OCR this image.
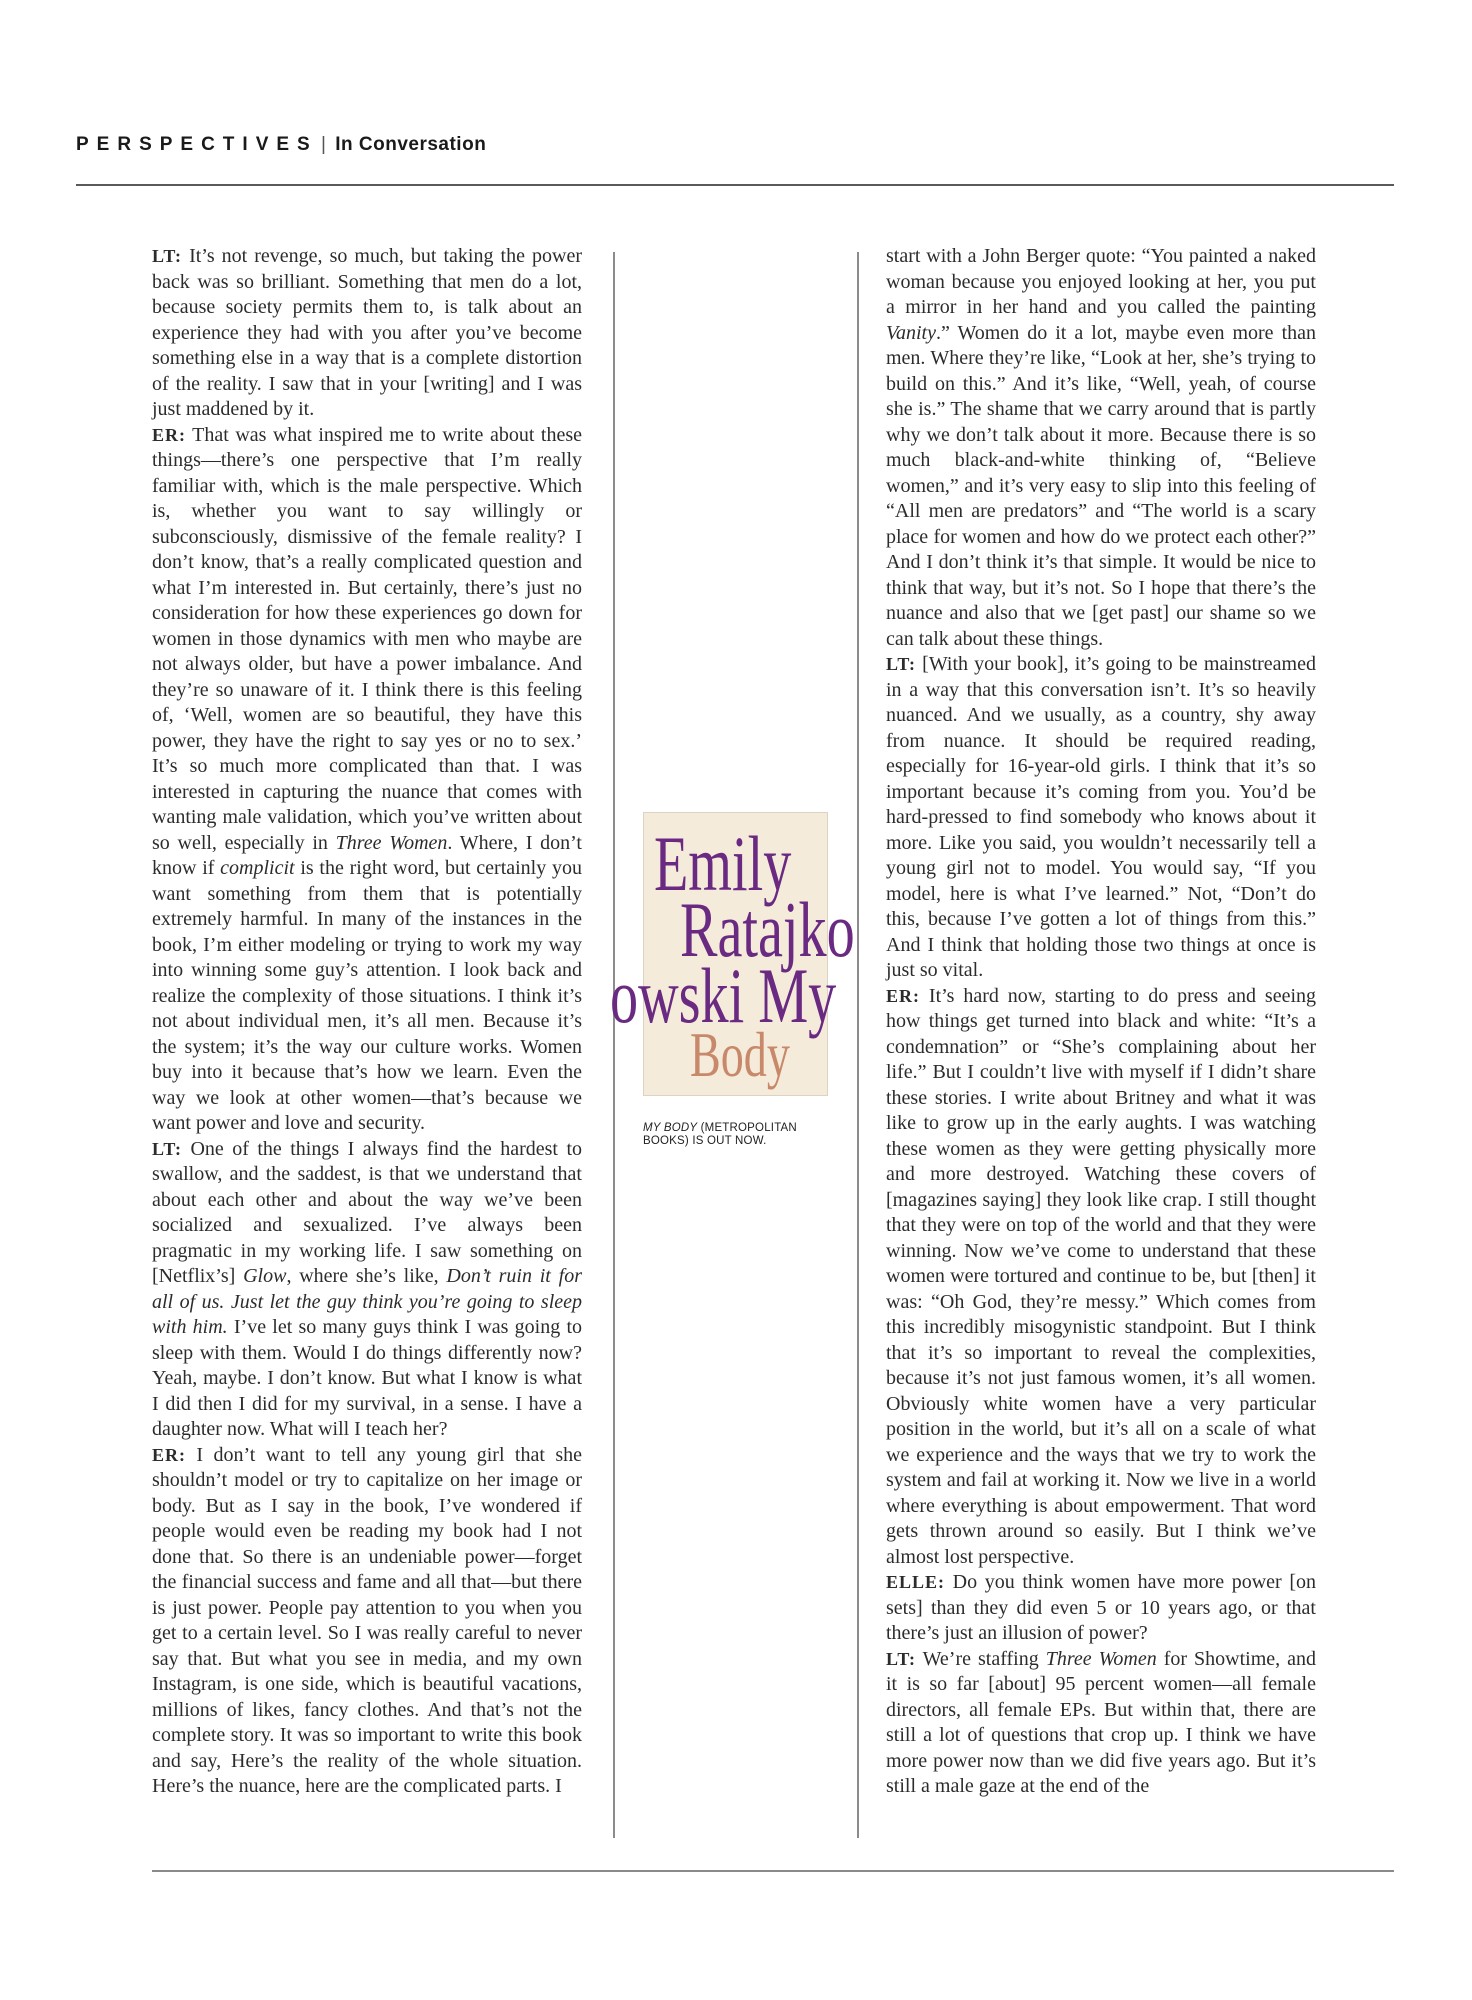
PERSPECTIVES | In Conversation

LT: It’s not revenge, so much, but taking the power back was so brilliant. Something that men do a lot, because society permits them to, is talk about an experience they had with you after you’ve become something else in a way that is a complete distortion of the reality. I saw that in your [writing] and I was just maddened by it.

ER: That was what inspired me to write about these things—there’s one perspective that I’m really familiar with, which is the male perspective. Which is, whether you want to say willingly or subconsciously, dismissive of the female reality? I don’t know, that’s a really complicated question and what I’m interested in. But certainly, there’s just no consideration for how these experiences go down for women in those dynamics with men who maybe are not always older, but have a power imbalance. And they’re so unaware of it. I think there is this feeling of, ‘Well, women are so beautiful, they have this power, they have the right to say yes or no to sex.’ It’s so much more complicated than that. I was interested in capturing the nuance that comes with wanting male validation, which you’ve written about so well, especially in Three Women. Where, I don’t know if complicit is the right word, but certainly you want something from them that is potentially extremely harmful. In many of the instances in the book, I’m either modeling or trying to work my way into winning some guy’s attention. I look back and realize the complexity of those situations. I think it’s not about individual men, it’s all men. Because it’s the system; it’s the way our culture works. Women buy into it because that’s how we learn. Even the way we look at other women—that’s because we want power and love and security.

LT: One of the things I always find the hardest to swallow, and the saddest, is that we understand that about each other and about the way we’ve been socialized and sexualized. I’ve always been pragmatic in my working life. I saw something on [Netflix’s] Glow, where she’s like, Don’t ruin it for all of us. Just let the guy think you’re going to sleep with him. I’ve let so many guys think I was going to sleep with them. Would I do things differently now? Yeah, maybe. I don’t know. But what I know is what I did then I did for my survival, in a sense. I have a daughter now. What will I teach her?

ER: I don’t want to tell any young girl that she shouldn’t model or try to capitalize on her image or body. But as I say in the book, I’ve wondered if people would even be reading my book had I not done that. So there is an undeniable power—forget the financial success and fame and all that—but there is just power. People pay attention to you when you get to a certain level. So I was really careful to never say that. But what you see in media, and my own Instagram, is one side, which is beautiful vacations, millions of likes, fancy clothes. And that’s not the complete story. It was so important to write this book and say, Here’s the reality of the whole situation. Here’s the nuance, here are the complicated parts. I

Emily
Ratajko
owski My
Body
MY BODY (METROPOLITAN BOOKS) IS OUT NOW.

start with a John Berger quote: “You painted a naked woman because you enjoyed looking at her, you put a mirror in her hand and you called the painting Vanity.” Women do it a lot, maybe even more than men. Where they’re like, “Look at her, she’s trying to build on this.” And it’s like, “Well, yeah, of course she is.” The shame that we carry around that is partly why we don’t talk about it more. Because there is so much black-and-white thinking of, “Believe women,” and it’s very easy to slip into this feeling of “All men are predators” and “The world is a scary place for women and how do we protect each other?” And I don’t think it’s that simple. It would be nice to think that way, but it’s not. So I hope that there’s the nuance and also that we [get past] our shame so we can talk about these things.

LT: [With your book], it’s going to be mainstreamed in a way that this conversation isn’t. It’s so heavily nuanced. And we usually, as a country, shy away from nuance. It should be required reading, especially for 16-year-old girls. I think that it’s so important because it’s coming from you. You’d be hard-pressed to find somebody who knows about it more. Like you said, you wouldn’t necessarily tell a young girl not to model. You would say, “If you model, here is what I’ve learned.” Not, “Don’t do this, because I’ve gotten a lot of things from this.” And I think that holding those two things at once is just so vital.

ER: It’s hard now, starting to do press and seeing how things get turned into black and white: “It’s a condemnation” or “She’s complaining about her life.” But I couldn’t live with myself if I didn’t share these stories. I write about Britney and what it was like to grow up in the early aughts. I was watching these women as they were getting physically more and more destroyed. Watching these covers of [magazines saying] they look like crap. I still thought that they were on top of the world and that they were winning. Now we’ve come to understand that these women were tortured and continue to be, but [then] it was: “Oh God, they’re messy.” Which comes from this incredibly misogynistic standpoint. But I think that it’s so important to reveal the complexities, because it’s not just famous women, it’s all women. Obviously white women have a very particular position in the world, but it’s all on a scale of what we experience and the ways that we try to work the system and fail at working it. Now we live in a world where everything is about empowerment. That word gets thrown around so easily. But I think we’ve almost lost perspective.

ELLE: Do you think women have more power [on sets] than they did even 5 or 10 years ago, or that there’s just an illusion of power?

LT: We’re staffing Three Women for Showtime, and it is so far [about] 95 percent women—all female directors, all female EPs. But within that, there are still a lot of questions that crop up. I think we have more power now than we did five years ago. But it’s still a male gaze at the end of the
